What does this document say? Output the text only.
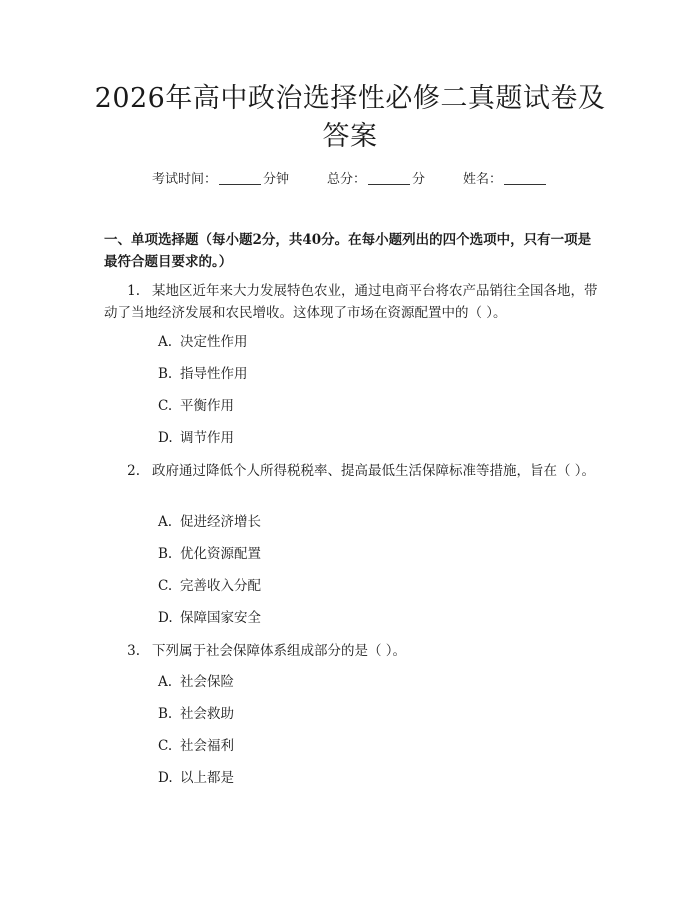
2026年高中政治选择性必修二真题试卷及答案
考试时间：	分钟	总分：	分	姓名：
一、单项选择题（每小题2分，共40分。在每小题列出的四个选项中，只有一项是最符合题目要求的。）
1. 某地区近年来大力发展特色农业，通过电商平台将农产品销往全国各地，带动了当地经济发展和农民增收。这体现了市场在资源配置中的（ ）。
A. 决定性作用
B. 指导性作用
C. 平衡作用
D. 调节作用
2. 政府通过降低个人所得税税率、提高最低生活保障标准等措施，旨在（ ）。
A. 促进经济增长
B. 优化资源配置
C. 完善收入分配
D. 保障国家安全
3. 下列属于社会保障体系组成部分的是（ ）。
A. 社会保险
B. 社会救助
C. 社会福利
D. 以上都是
